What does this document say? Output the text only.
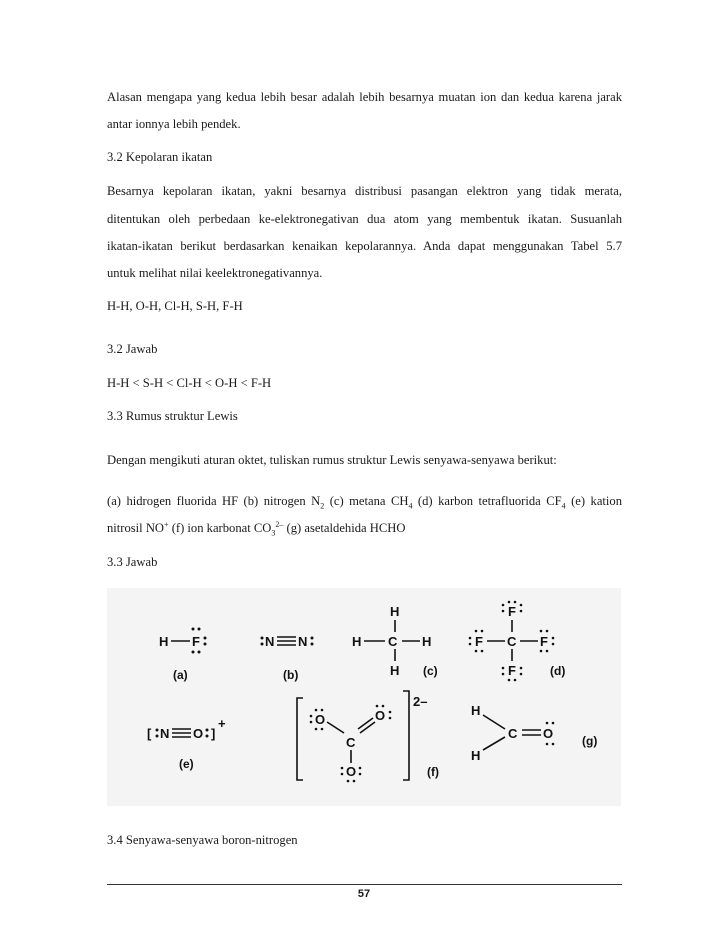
Alasan mengapa yang kedua lebih besar adalah lebih besarnya muatan ion dan kedua karena jarak

antar ionnya lebih pendek.

3.2 Kepolaran ikatan

Besarnya kepolaran ikatan, yakni besarnya distribusi pasangan elektron yang tidak merata,

ditentukan oleh perbedaan ke-elektronegativan dua atom yang membentuk ikatan. Susuanlah

ikatan-ikatan berikut berdasarkan kenaikan kepolarannya. Anda dapat menggunakan Tabel 5.7

untuk melihat nilai keelektronegativannya.

H-H, O-H, Cl-H, S-H, F-H

3.2 Jawab

H-H < S-H < Cl-H < O-H < F-H

3.3 Rumus struktur Lewis

Dengan mengikuti aturan oktet, tuliskan rumus struktur Lewis senyawa-senyawa berikut:

(a) hidrogen fluorida HF (b) nitrogen $N_2$ (c) metana $CH_4$ (d) karbon tetrafluorida $CF_4$ (e) kation

nitrosil NO+ (f) ion karbonat $CO_3^{2-}$ (g) asetaldehida HCHO

3.3 Jawab

H F
(a)
N N
(b)
H
H C H
H (c)
F
F C F
F	(d)
[ N O ]
+
(e)
2–
O
C
O
O	(f)
H
C
H
O (g)

3.4 Senyawa-senyawa boron-nitrogen

57
